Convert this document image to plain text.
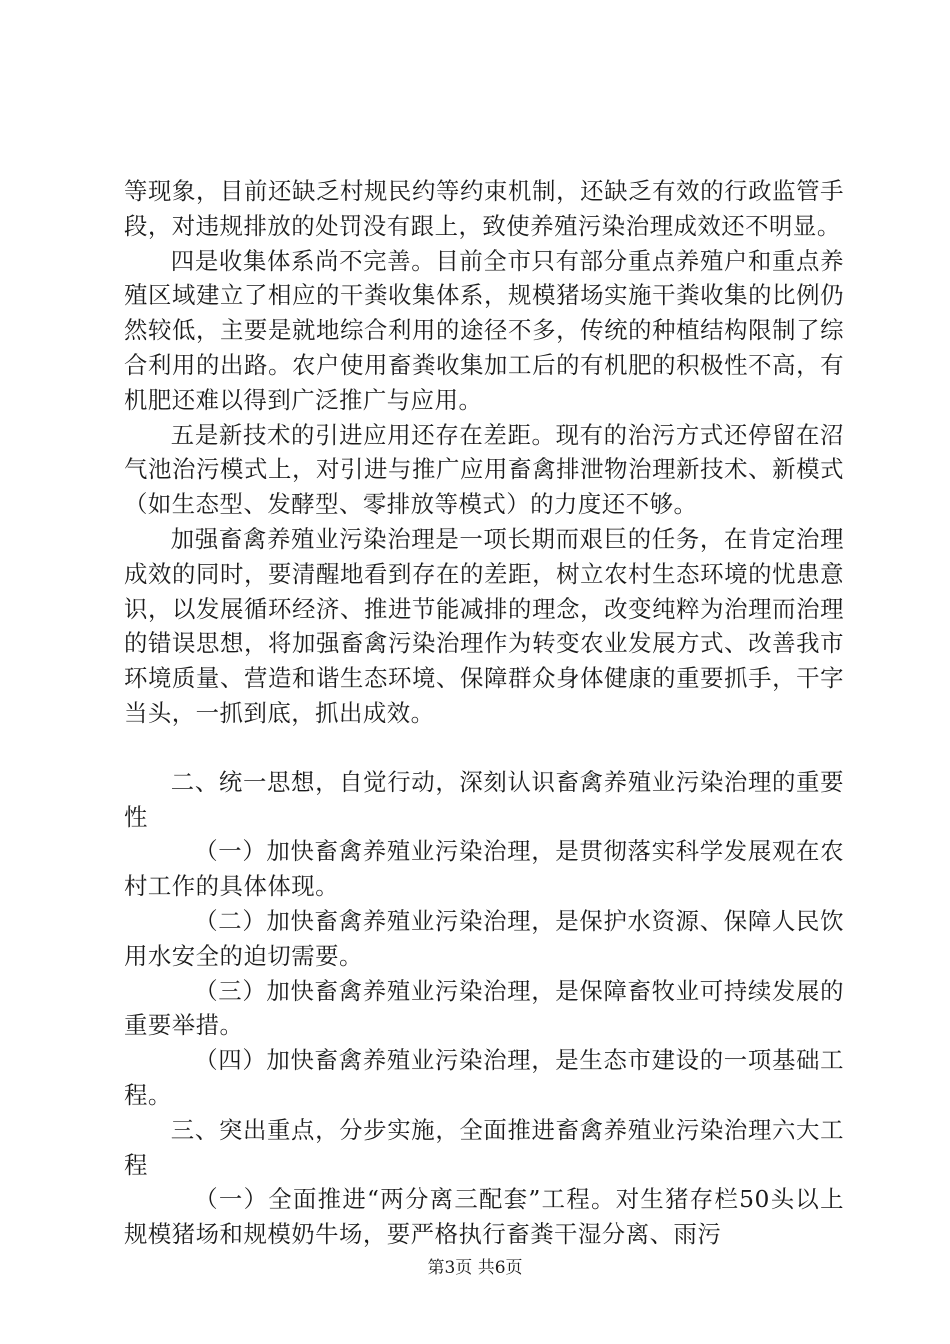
等现象，目前还缺乏村规民约等约束机制，还缺乏有效的行政监管手段，对违规排放的处罚没有跟上，致使养殖污染治理成效还不明显。

四是收集体系尚不完善。目前全市只有部分重点养殖户和重点养殖区域建立了相应的干粪收集体系，规模猪场实施干粪收集的比例仍然较低，主要是就地综合利用的途径不多，传统的种植结构限制了综合利用的出路。农户使用畜粪收集加工后的有机肥的积极性不高，有机肥还难以得到广泛推广与应用。

五是新技术的引进应用还存在差距。现有的治污方式还停留在沼气池治污模式上，对引进与推广应用畜禽排泄物治理新技术、新模式（如生态型、发酵型、零排放等模式）的力度还不够。

加强畜禽养殖业污染治理是一项长期而艰巨的任务，在肯定治理成效的同时，要清醒地看到存在的差距，树立农村生态环境的忧患意识，以发展循环经济、推进节能减排的理念，改变纯粹为治理而治理的错误思想，将加强畜禽污染治理作为转变农业发展方式、改善我市环境质量、营造和谐生态环境、保障群众身体健康的重要抓手，干字当头，一抓到底，抓出成效。

二、统一思想，自觉行动，深刻认识畜禽养殖业污染治理的重要性

（一）加快畜禽养殖业污染治理，是贯彻落实科学发展观在农村工作的具体体现。

（二）加快畜禽养殖业污染治理，是保护水资源、保障人民饮用水安全的迫切需要。

（三）加快畜禽养殖业污染治理，是保障畜牧业可持续发展的重要举措。

（四）加快畜禽养殖业污染治理，是生态市建设的一项基础工程。

三、突出重点，分步实施，全面推进畜禽养殖业污染治理六大工程

（一）全面推进“两分离三配套”工程。对生猪存栏50头以上规模猪场和规模奶牛场，要严格执行畜粪干湿分离、雨污

第3页 共6页
